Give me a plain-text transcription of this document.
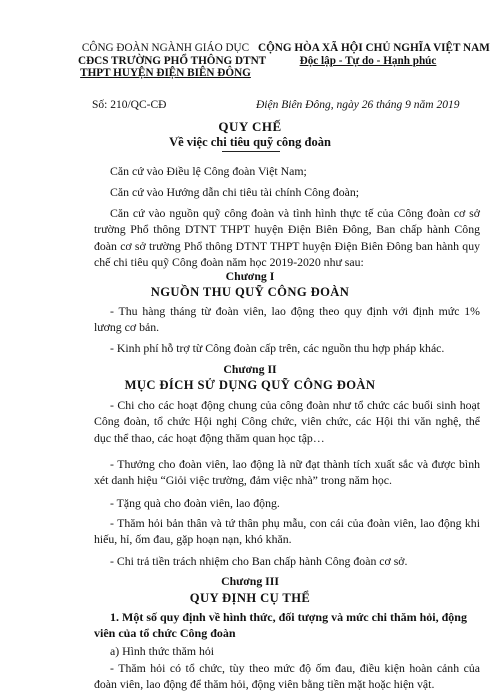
CÔNG ĐOÀN NGÀNH GIÁO DỤC
CĐCS TRƯỜNG PHỔ THÔNG DTNT
THPT HUYỆN ĐIỆN BIÊN ĐÔNG
CỘNG HÒA XÃ HỘI CHỦ NGHĨA VIỆT NAM
Độc lập - Tự do - Hạnh phúc
Số: 210/QC-CĐ	Điện Biên Đông, ngày 26 tháng 9 năm 2019
QUY CHẾ
Về việc chi tiêu quỹ công đoàn
Căn cứ vào Điều lệ Công đoàn Việt Nam;
Căn cứ vào Hướng dẫn chi tiêu tài chính Công đoàn;
Căn cứ vào nguồn quỹ công đoàn và tình hình thực tế của Công đoàn cơ sở trường Phổ thông DTNT THPT huyện Điện Biên Đông, Ban chấp hành Công đoàn cơ sở trường Phổ thông DTNT THPT huyện Điện Biên Đông ban hành quy chế chi tiêu quỹ Công đoàn năm học 2019-2020 như sau:
Chương I
NGUỒN THU QUỸ CÔNG ĐOÀN
- Thu hàng tháng từ đoàn viên, lao động theo quy định với định mức 1% lương cơ bản.
- Kinh phí hỗ trợ từ Công đoàn cấp trên, các nguồn thu hợp pháp khác.
Chương II
MỤC ĐÍCH SỬ DỤNG QUỸ CÔNG ĐOÀN
- Chi cho các hoạt động chung của công đoàn như tổ chức các buổi sinh hoạt Công đoàn, tổ chức Hội nghị Công chức, viên chức, các Hội thi văn nghệ, thể dục thể thao, các hoạt động thăm quan học tập…
- Thưởng cho đoàn viên, lao động là nữ đạt thành tích xuất sắc và được bình xét danh hiệu “Giỏi việc trường, đảm việc nhà” trong năm học.
- Tặng quà cho đoàn viên, lao động.
- Thăm hỏi bản thân và tứ thân phụ mẫu, con cái của đoàn viên, lao động khi hiếu, hỉ, ốm đau, gặp hoạn nạn, khó khăn.
- Chi trả tiền trách nhiệm cho Ban chấp hành Công đoàn cơ sở.
Chương III
QUY ĐỊNH CỤ THỂ
1. Một số quy định về hình thức, đối tượng và mức chi thăm hỏi, động viên của tổ chức Công đoàn
a) Hình thức thăm hỏi
- Thăm hỏi có tổ chức, tùy theo mức độ ốm đau, điều kiện hoàn cảnh của đoàn viên, lao động để thăm hỏi, động viên bằng tiền mặt hoặc hiện vật.
